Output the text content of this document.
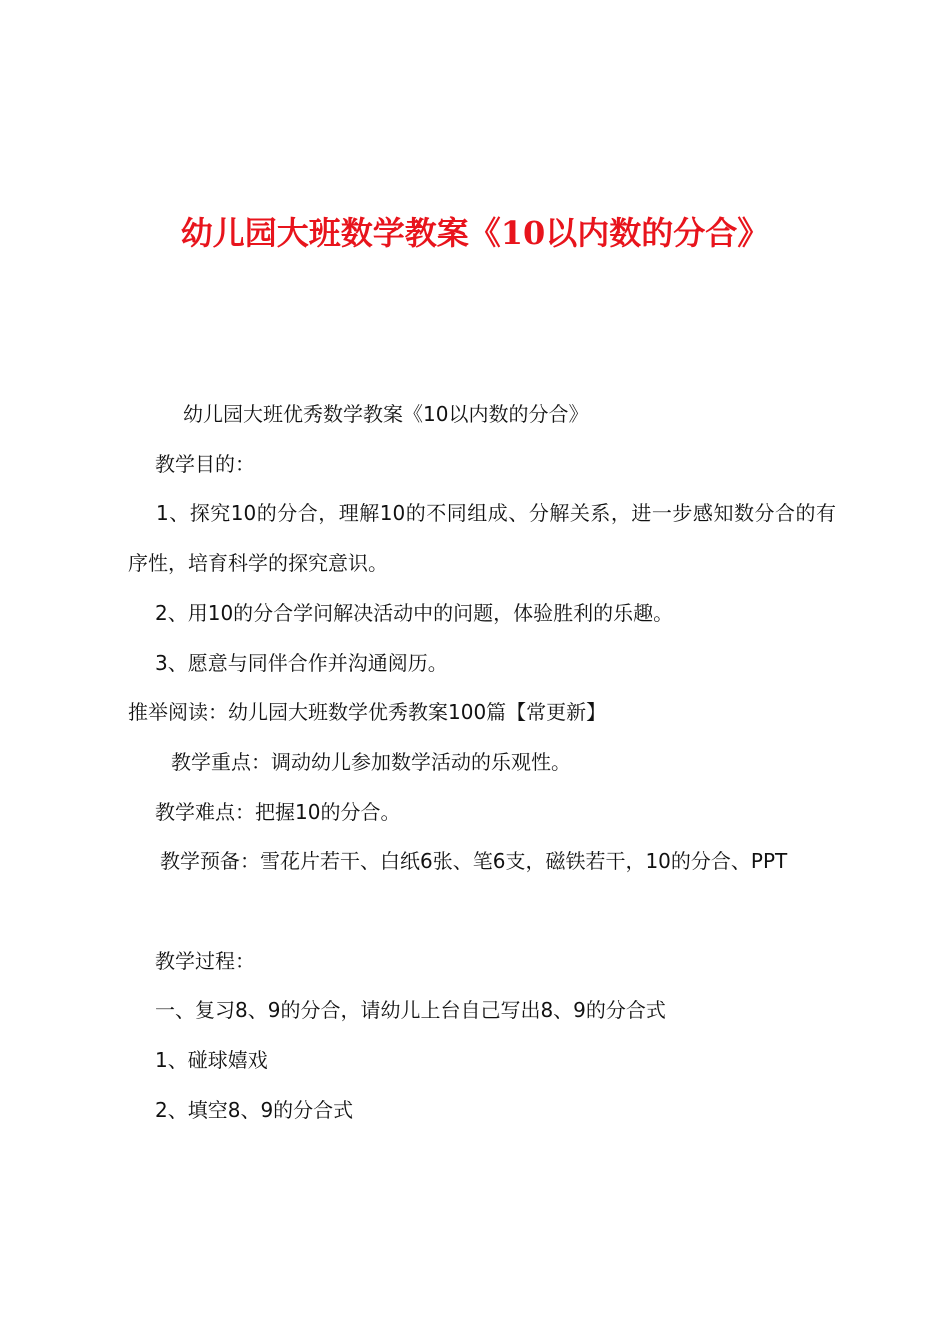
幼儿园大班数学教案《10以内数的分合》
幼儿园大班优秀数学教案《10以内数的分合》
教学目的：
1、探究10的分合，理解10的不同组成、分解关系，进一步感知数分合的有序性，培育科学的探究意识。
2、用10的分合学问解决活动中的问题，体验胜利的乐趣。
3、愿意与同伴合作并沟通阅历。
推举阅读：幼儿园大班数学优秀教案100篇【常更新】
教学重点：调动幼儿参加数学活动的乐观性。
教学难点：把握10的分合。
教学预备：雪花片若干、白纸6张、笔6支，磁铁若干，10的分合、PPT
教学过程：
一、复习8、9的分合，请幼儿上台自己写出8、9的分合式
1、碰球嬉戏
2、填空8、9的分合式
